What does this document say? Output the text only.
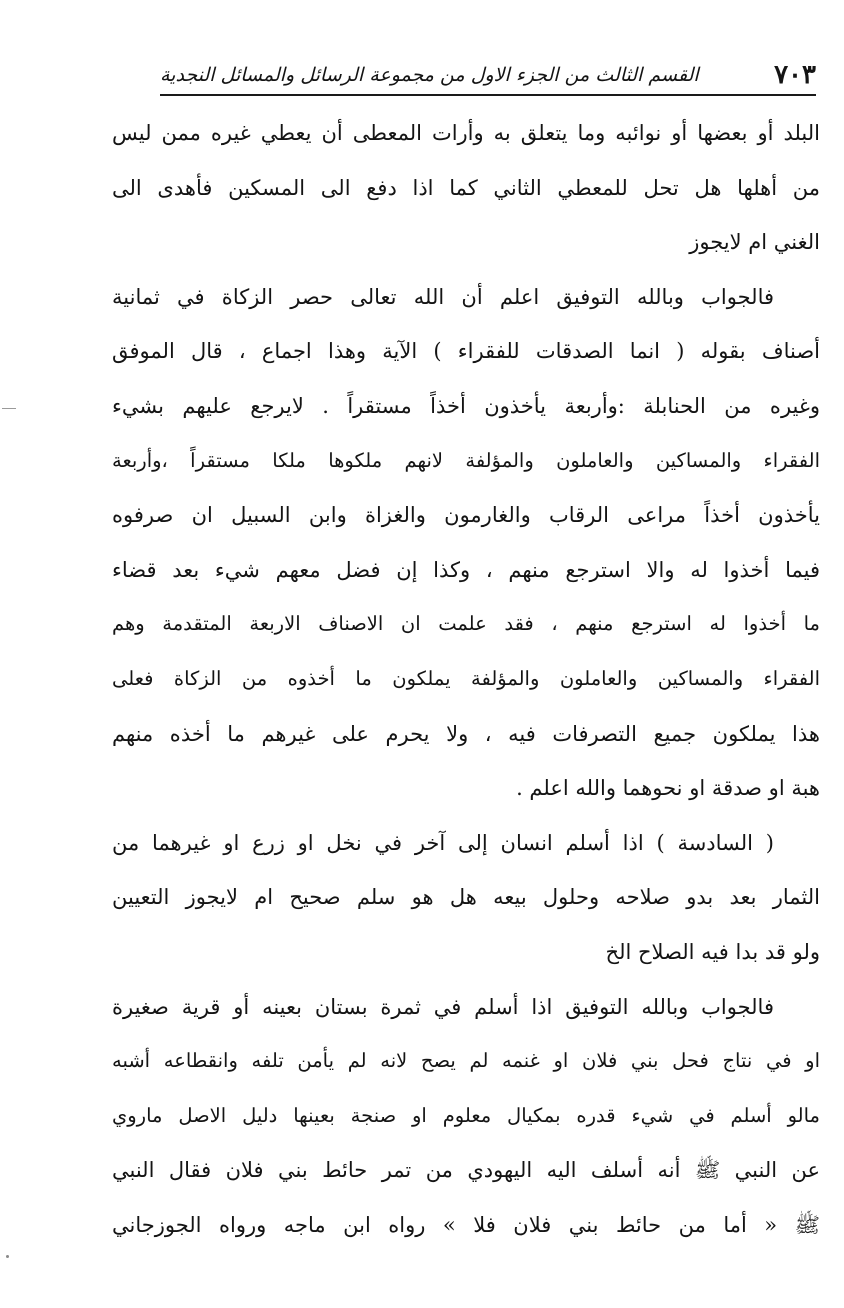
٧٠٣
القسم الثالث من الجزء الاول من مجموعة الرسائل والمسائل النجدية
البلد أو بعضها أو نوائبه وما يتعلق به وأرات المعطى أن يعطي غيره ممن ليس
من أهلها هل تحل للمعطي الثاني كما اذا دفع الى المسكين فأهدى الى
الغني ام لايجوز
فالجواب وبالله التوفيق اعلم أن الله تعالى حصر الزكاة في ثمانية
أصناف بقوله ( انما الصدقات للفقراء ) الآية وهذا اجماع ، قال الموفق
وغيره من الحنابلة :وأربعة يأخذون أخذاً مستقراً . لايرجع عليهم بشيء
الفقراء والمساكين والعاملون والمؤلفة لانهم ملكوها ملكا مستقراً ،وأربعة
يأخذون أخذاً مراعى الرقاب والغارمون والغزاة وابن السبيل ان صرفوه
فيما أخذوا له والا استرجع منهم ، وكذا إن فضل معهم شيء بعد قضاء
ما أخذوا له استرجع منهم ، فقد علمت ان الاصناف الاربعة المتقدمة وهم
الفقراء والمساكين والعاملون والمؤلفة يملكون ما أخذوه من الزكاة فعلى
هذا يملكون جميع التصرفات فيه ، ولا يحرم على غيرهم ما أخذه منهم
هبة او صدقة او نحوهما والله اعلم .
( السادسة ) اذا أسلم انسان إلى آخر في نخل او زرع او غيرهما من
الثمار بعد بدو صلاحه وحلول بيعه هل هو سلم صحيح ام لايجوز التعيين
ولو قد بدا فيه الصلاح الخ
فالجواب وبالله التوفيق اذا أسلم في ثمرة بستان بعينه أو قرية صغيرة
او في نتاج فحل بني فلان او غنمه لم يصح لانه لم يأمن تلفه وانقطاعه أشبه
مالو أسلم في شيء قدره بمكيال معلوم او صنجة بعينها دليل الاصل ماروي
عن النبي ﷺ أنه أسلف اليه اليهودي من تمر حائط بني فلان فقال النبي
ﷺ « أما من حائط بني فلان فلا » رواه ابن ماجه ورواه الجوزجاني
